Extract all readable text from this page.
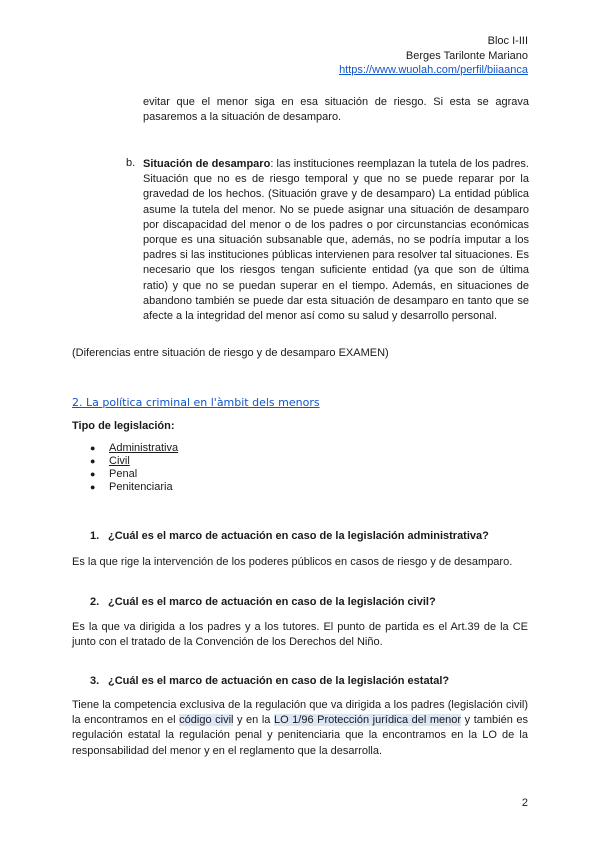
Bloc I-III
Berges Tarilonte Mariano
https://www.wuolah.com/perfil/biiaanca
evitar que el menor siga en esa situación de riesgo. Si esta se agrava pasaremos a la situación de desamparo.
b. Situación de desamparo: las instituciones reemplazan la tutela de los padres. Situación que no es de riesgo temporal y que no se puede reparar por la gravedad de los hechos. (Situación grave y de desamparo) La entidad pública asume la tutela del menor. No se puede asignar una situación de desamparo por discapacidad del menor o de los padres o por circunstancias económicas porque es una situación subsanable que, además, no se podría imputar a los padres si las instituciones públicas intervienen para resolver tal situaciones. Es necesario que los riesgos tengan suficiente entidad (ya que son de última ratio) y que no se puedan superar en el tiempo. Además, en situaciones de abandono también se puede dar esta situación de desamparo en tanto que se afecte a la integridad del menor así como su salud y desarrollo personal.
(Diferencias entre situación de riesgo y de desamparo EXAMEN)
2. La política criminal en l'àmbit dels menors
Tipo de legislación:
● Administrativa
● Civil
● Penal
● Penitenciaria
1. ¿Cuál es el marco de actuación en caso de la legislación administrativa?
Es la que rige la intervención de los poderes públicos en casos de riesgo y de desamparo.
2. ¿Cuál es el marco de actuación en caso de la legislación civil?
Es la que va dirigida a los padres y a los tutores. El punto de partida es el Art.39 de la CE junto con el tratado de la Convención de los Derechos del Niño.
3. ¿Cuál es el marco de actuación en caso de la legislación estatal?
Tiene la competencia exclusiva de la regulación que va dirigida a los padres (legislación civil) la encontramos en el código civil y en la LO 1/96 Protección jurídica del menor y también es regulación estatal la regulación penal y penitenciaria que la encontramos en la LO de la responsabilidad del menor y en el reglamento que la desarrolla.
2
